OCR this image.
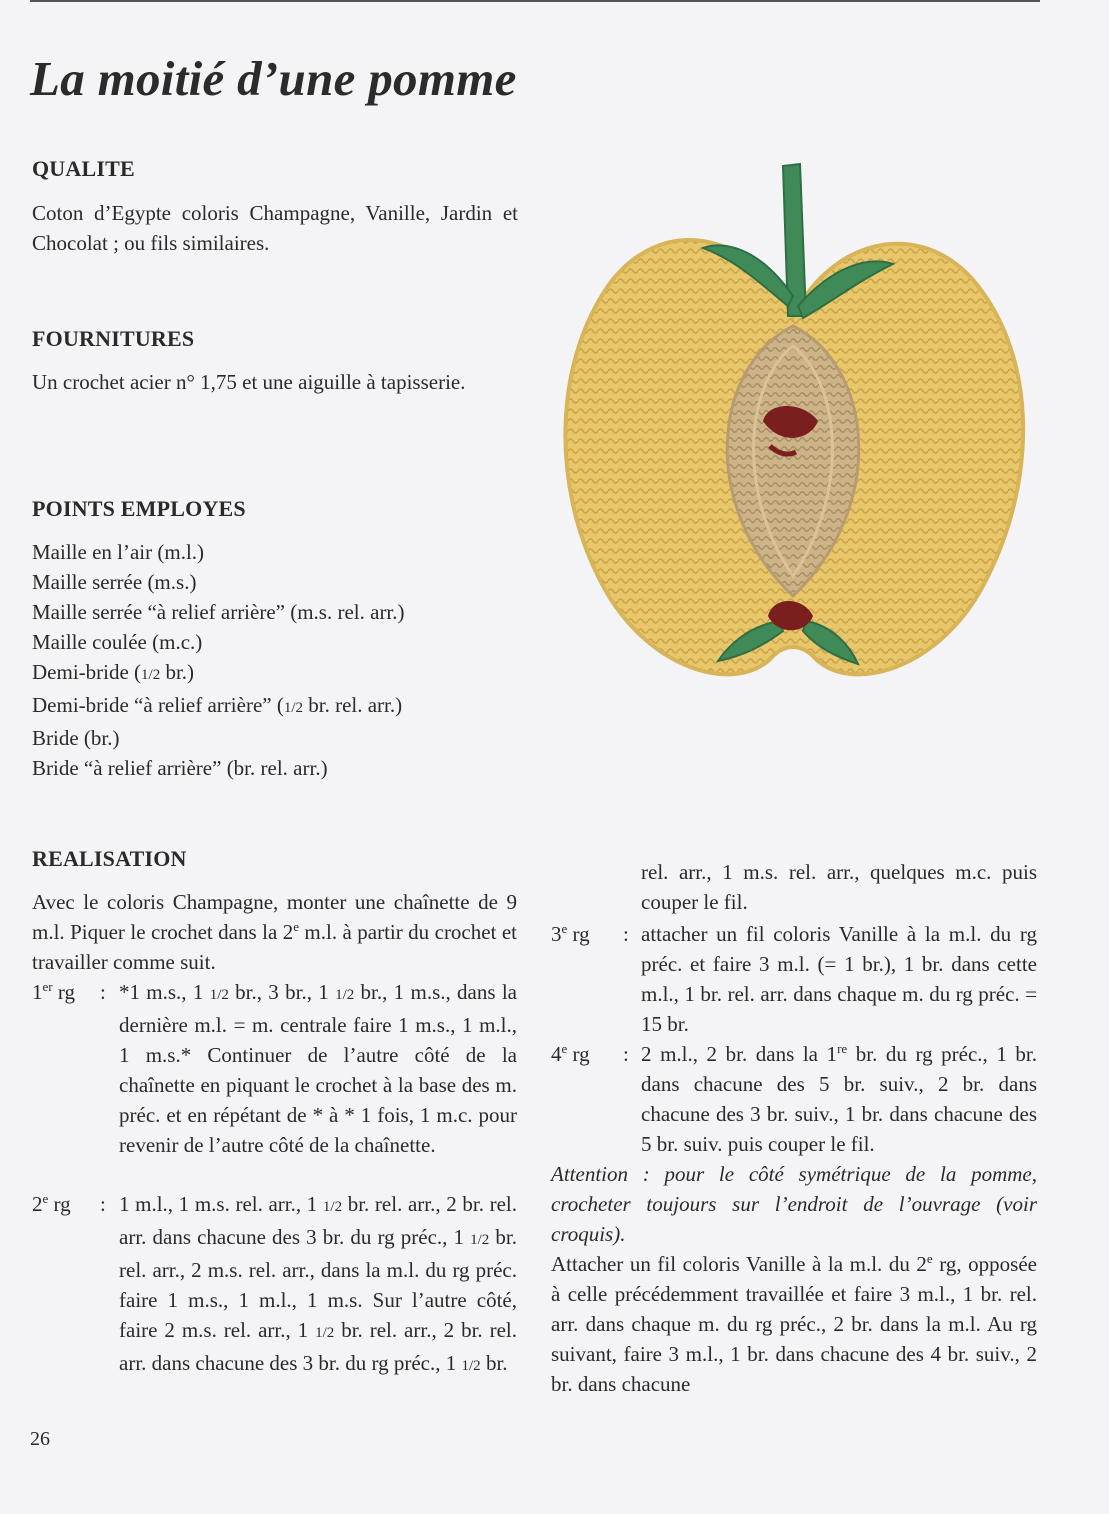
La moitié d’une pomme
QUALITE
Coton d’Egypte coloris Champagne, Vanille, Jardin et Chocolat ; ou fils similaires.
FOURNITURES
Un crochet acier n° 1,75 et une aiguille à tapisserie.
POINTS EMPLOYES
Maille en l’air (m.l.)
Maille serrée (m.s.)
Maille serrée “à relief arrière” (m.s. rel. arr.)
Maille coulée (m.c.)
Demi-bride (1/2 br.)
Demi-bride “à relief arrière” (1/2 br. rel. arr.)
Bride (br.)
Bride “à relief arrière” (br. rel. arr.)
REALISATION
Avec le coloris Champagne, monter une chaînette de 9 m.l. Piquer le crochet dans la 2e m.l. à partir du crochet et travailler comme suit.
1er rg : *1 m.s., 1 1/2 br., 3 br., 1 1/2 br., 1 m.s., dans la dernière m.l. = m. centrale faire 1 m.s., 1 m.l., 1 m.s.* Continuer de l’autre côté de la chaînette en piquant le crochet à la base des m. préc. et en répétant de * à * 1 fois, 1 m.c. pour revenir de l’autre côté de la chaînette.
2e rg : 1 m.l., 1 m.s. rel. arr., 1 1/2 br. rel. arr., 2 br. rel. arr. dans chacune des 3 br. du rg préc., 1 1/2 br. rel. arr., 2 m.s. rel. arr., dans la m.l. du rg préc. faire 1 m.s., 1 m.l., 1 m.s. Sur l’autre côté, faire 2 m.s. rel. arr., 1 1/2 br. rel. arr., 2 br. rel. arr. dans chacune des 3 br. du rg préc., 1 1/2 br.
rel. arr., 1 m.s. rel. arr., quelques m.c. puis couper le fil.
3e rg : attacher un fil coloris Vanille à la m.l. du rg préc. et faire 3 m.l. (= 1 br.), 1 br. dans cette m.l., 1 br. rel. arr. dans chaque m. du rg préc. = 15 br.
4e rg : 2 m.l., 2 br. dans la 1re br. du rg préc., 1 br. dans chacune des 5 br. suiv., 2 br. dans chacune des 3 br. suiv., 1 br. dans chacune des 5 br. suiv. puis couper le fil.
Attention : pour le côté symétrique de la pomme, crocheter toujours sur l’endroit de l’ouvrage (voir croquis).
Attacher un fil coloris Vanille à la m.l. du 2e rg, opposée à celle précédemment travaillée et faire 3 m.l., 1 br. rel. arr. dans chaque m. du rg préc., 2 br. dans la m.l. Au rg suivant, faire 3 m.l., 1 br. dans chacune des 4 br. suiv., 2 br. dans chacune
26
